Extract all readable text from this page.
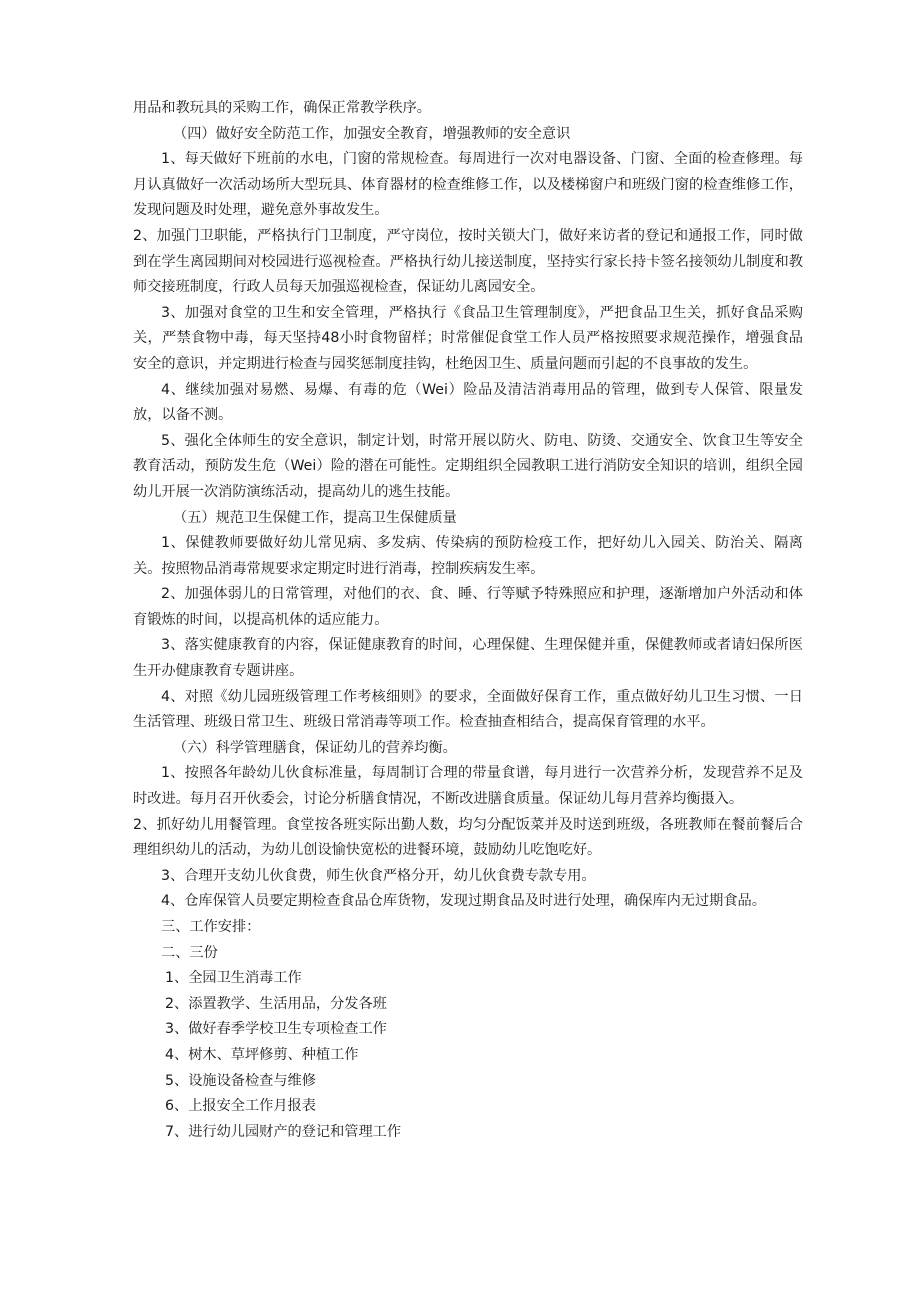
用品和教玩具的采购工作，确保正常教学秩序。

（四）做好安全防范工作，加强安全教育，增强教师的安全意识

1、每天做好下班前的水电，门窗的常规检查。每周进行一次对电器设备、门窗、全面的检查修理。每月认真做好一次活动场所大型玩具、体育器材的检查维修工作，以及楼梯窗户和班级门窗的检查维修工作，发现问题及时处理，避免意外事故发生。

2、加强门卫职能，严格执行门卫制度，严守岗位，按时关锁大门，做好来访者的登记和通报工作，同时做到在学生离园期间对校园进行巡视检查。严格执行幼儿接送制度，坚持实行家长持卡签名接领幼儿制度和教师交接班制度，行政人员每天加强巡视检查，保证幼儿离园安全。

3、加强对食堂的卫生和安全管理，严格执行《食品卫生管理制度》，严把食品卫生关，抓好食品采购关，严禁食物中毒，每天坚持48小时食物留样；时常催促食堂工作人员严格按照要求规范操作，增强食品安全的意识，并定期进行检查与园奖惩制度挂钩，杜绝因卫生、质量问题而引起的不良事故的发生。

4、继续加强对易燃、易爆、有毒的危（Wei）险品及清洁消毒用品的管理，做到专人保管、限量发放，以备不测。

5、强化全体师生的安全意识，制定计划，时常开展以防火、防电、防烫、交通安全、饮食卫生等安全教育活动，预防发生危（Wei）险的潜在可能性。定期组织全园教职工进行消防安全知识的培训，组织全园幼儿开展一次消防演练活动，提高幼儿的逃生技能。

（五）规范卫生保健工作，提高卫生保健质量

1、保健教师要做好幼儿常见病、多发病、传染病的预防检疫工作，把好幼儿入园关、防治关、隔离关。按照物品消毒常规要求定期定时进行消毒，控制疾病发生率。

2、加强体弱儿的日常管理，对他们的衣、食、睡、行等赋予特殊照应和护理，逐渐增加户外活动和体育锻炼的时间，以提高机体的适应能力。

3、落实健康教育的内容，保证健康教育的时间，心理保健、生理保健并重，保健教师或者请妇保所医生开办健康教育专题讲座。

4、对照《幼儿园班级管理工作考核细则》的要求，全面做好保育工作，重点做好幼儿卫生习惯、一日生活管理、班级日常卫生、班级日常消毒等项工作。检查抽查相结合，提高保育管理的水平。

（六）科学管理膳食，保证幼儿的营养均衡。

1、按照各年龄幼儿伙食标准量，每周制订合理的带量食谱，每月进行一次营养分析，发现营养不足及时改进。每月召开伙委会，讨论分析膳食情况，不断改进膳食质量。保证幼儿每月营养均衡摄入。

2、抓好幼儿用餐管理。食堂按各班实际出勤人数，均匀分配饭菜并及时送到班级，各班教师在餐前餐后合理组织幼儿的活动，为幼儿创设愉快宽松的进餐环境，鼓励幼儿吃饱吃好。

3、合理开支幼儿伙食费，师生伙食严格分开，幼儿伙食费专款专用。

4、仓库保管人员要定期检查食品仓库货物，发现过期食品及时进行处理，确保库内无过期食品。

三、工作安排：

二、三份

1、全园卫生消毒工作

2、添置教学、生活用品，分发各班

3、做好春季学校卫生专项检查工作

4、树木、草坪修剪、种植工作

5、设施设备检查与维修

6、上报安全工作月报表

7、进行幼儿园财产的登记和管理工作
